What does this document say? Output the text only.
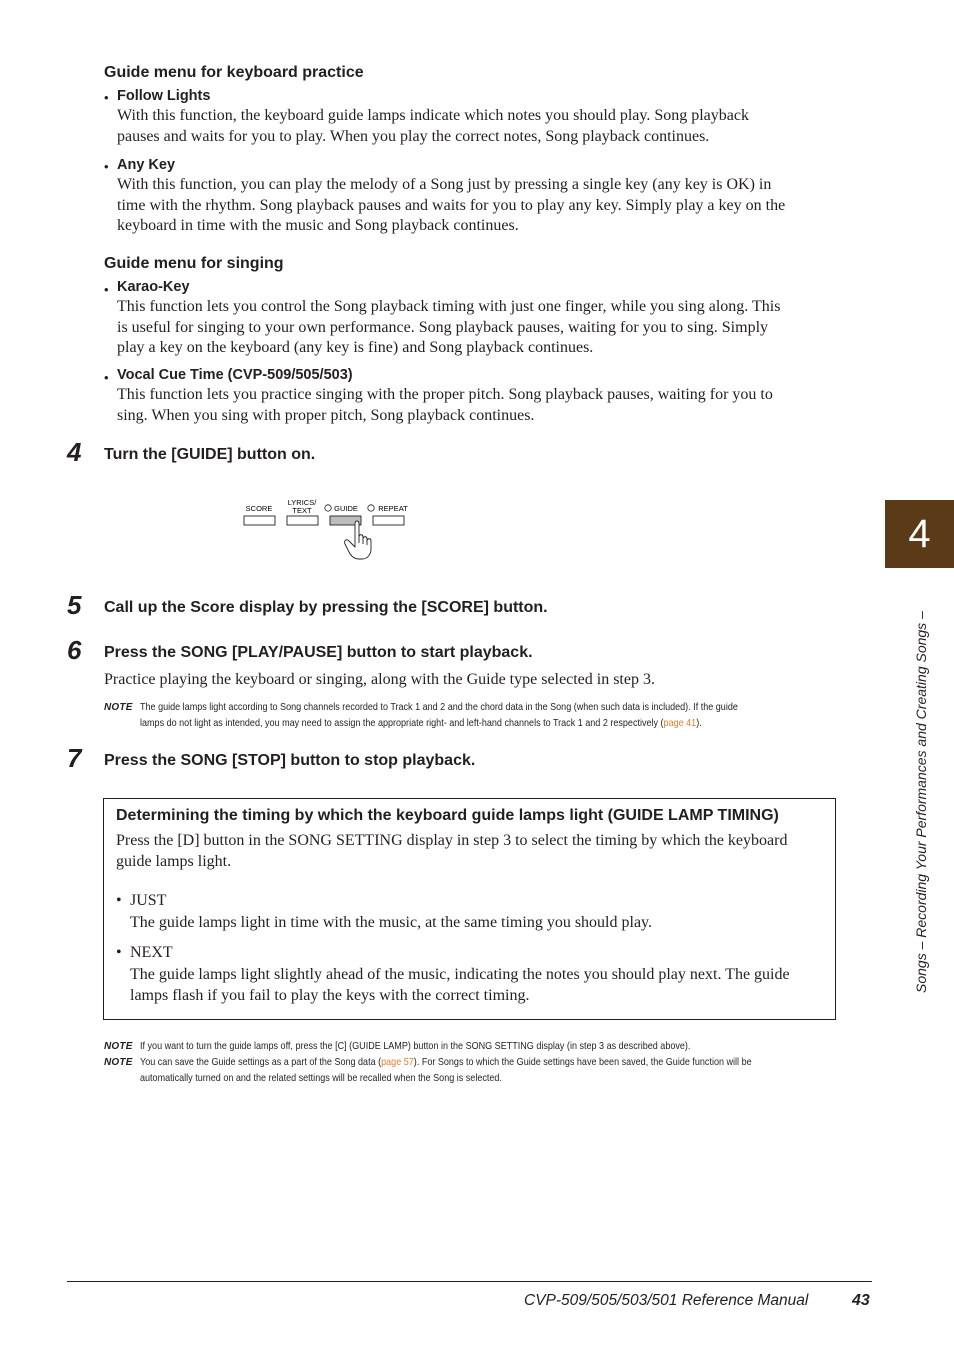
Guide menu for keyboard practice
• Follow Lights
With this function, the keyboard guide lamps indicate which notes you should play. Song playback
pauses and waits for you to play. When you play the correct notes, Song playback continues.
• Any Key
With this function, you can play the melody of a Song just by pressing a single key (any key is OK) in
time with the rhythm. Song playback pauses and waits for you to play any key. Simply play a key on the
keyboard in time with the music and Song playback continues.
Guide menu for singing
• Karao-Key
This function lets you control the Song playback timing with just one finger, while you sing along. This
is useful for singing to your own performance. Song playback pauses, waiting for you to sing. Simply
play a key on the keyboard (any key is fine) and Song playback continues.
• Vocal Cue Time (CVP-509/505/503)
This function lets you practice singing with the proper pitch. Song playback pauses, waiting for you to
sing. When you sing with proper pitch, Song playback continues.
4 Turn the [GUIDE] button on.
SCORE
LYRICS/
TEXT	GUIDE	REPEAT
5 Call up the Score display by pressing the [SCORE] button.
6 Press the SONG [PLAY/PAUSE] button to start playback.
Practice playing the keyboard or singing, along with the Guide type selected in step 3.
NOTE The guide lamps light according to Song channels recorded to Track 1 and 2 and the chord data in the Song (when such data is included). If the guide
lamps do not light as intended, you may need to assign the appropriate right- and left-hand channels to Track 1 and 2 respectively (page 41).
7 Press the SONG [STOP] button to stop playback.
Determining the timing by which the keyboard guide lamps light (GUIDE LAMP TIMING)
Press the [D] button in the SONG SETTING display in step 3 to select the timing by which the keyboard
guide lamps light.
• JUST
The guide lamps light in time with the music, at the same timing you should play.
• NEXT
The guide lamps light slightly ahead of the music, indicating the notes you should play next. The guide
lamps flash if you fail to play the keys with the correct timing.
NOTE If you want to turn the guide lamps off, press the [C] (GUIDE LAMP) button in the SONG SETTING display (in step 3 as described above).
NOTE You can save the Guide settings as a part of the Song data (page 57). For Songs to which the Guide settings have been saved, the Guide function will be
automatically turned on and the related settings will be recalled when the Song is selected.
4
Songs – Recording Your Performances and Creating Songs –
CVP-509/505/503/501 Reference Manual	43
